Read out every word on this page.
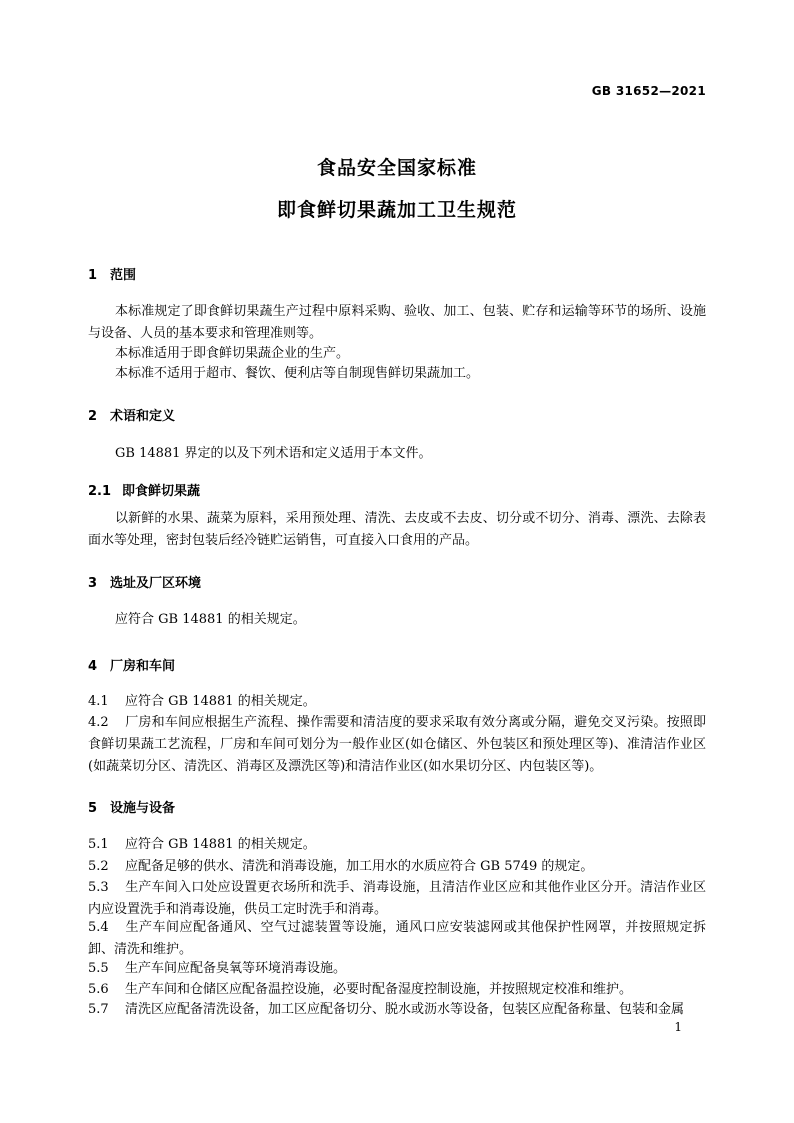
GB 31652—2021
食品安全国家标准
即食鲜切果蔬加工卫生规范
1 范围
本标准规定了即食鲜切果蔬生产过程中原料采购、验收、加工、包装、贮存和运输等环节的场所、设施与设备、人员的基本要求和管理准则等。
本标准适用于即食鲜切果蔬企业的生产。
本标准不适用于超市、餐饮、便利店等自制现售鲜切果蔬加工。
2 术语和定义
GB 14881 界定的以及下列术语和定义适用于本文件。
2.1 即食鲜切果蔬
以新鲜的水果、蔬菜为原料，采用预处理、清洗、去皮或不去皮、切分或不切分、消毒、漂洗、去除表面水等处理，密封包装后经冷链贮运销售，可直接入口食用的产品。
3 选址及厂区环境
应符合 GB 14881 的相关规定。
4 厂房和车间
4.1 应符合 GB 14881 的相关规定。
4.2 厂房和车间应根据生产流程、操作需要和清洁度的要求采取有效分离或分隔，避免交叉污染。按照即食鲜切果蔬工艺流程，厂房和车间可划分为一般作业区(如仓储区、外包装区和预处理区等)、准清洁作业区(如蔬菜切分区、清洗区、消毒区及漂洗区等)和清洁作业区(如水果切分区、内包装区等)。
5 设施与设备
5.1 应符合 GB 14881 的相关规定。
5.2 应配备足够的供水、清洗和消毒设施，加工用水的水质应符合 GB 5749 的规定。
5.3 生产车间入口处应设置更衣场所和洗手、消毒设施，且清洁作业区应和其他作业区分开。清洁作业区内应设置洗手和消毒设施，供员工定时洗手和消毒。
5.4 生产车间应配备通风、空气过滤装置等设施，通风口应安装滤网或其他保护性网罩，并按照规定拆卸、清洗和维护。
5.5 生产车间应配备臭氧等环境消毒设施。
5.6 生产车间和仓储区应配备温控设施，必要时配备湿度控制设施，并按照规定校准和维护。
5.7 清洗区应配备清洗设备，加工区应配备切分、脱水或沥水等设备，包装区应配备称量、包装和金属
1
